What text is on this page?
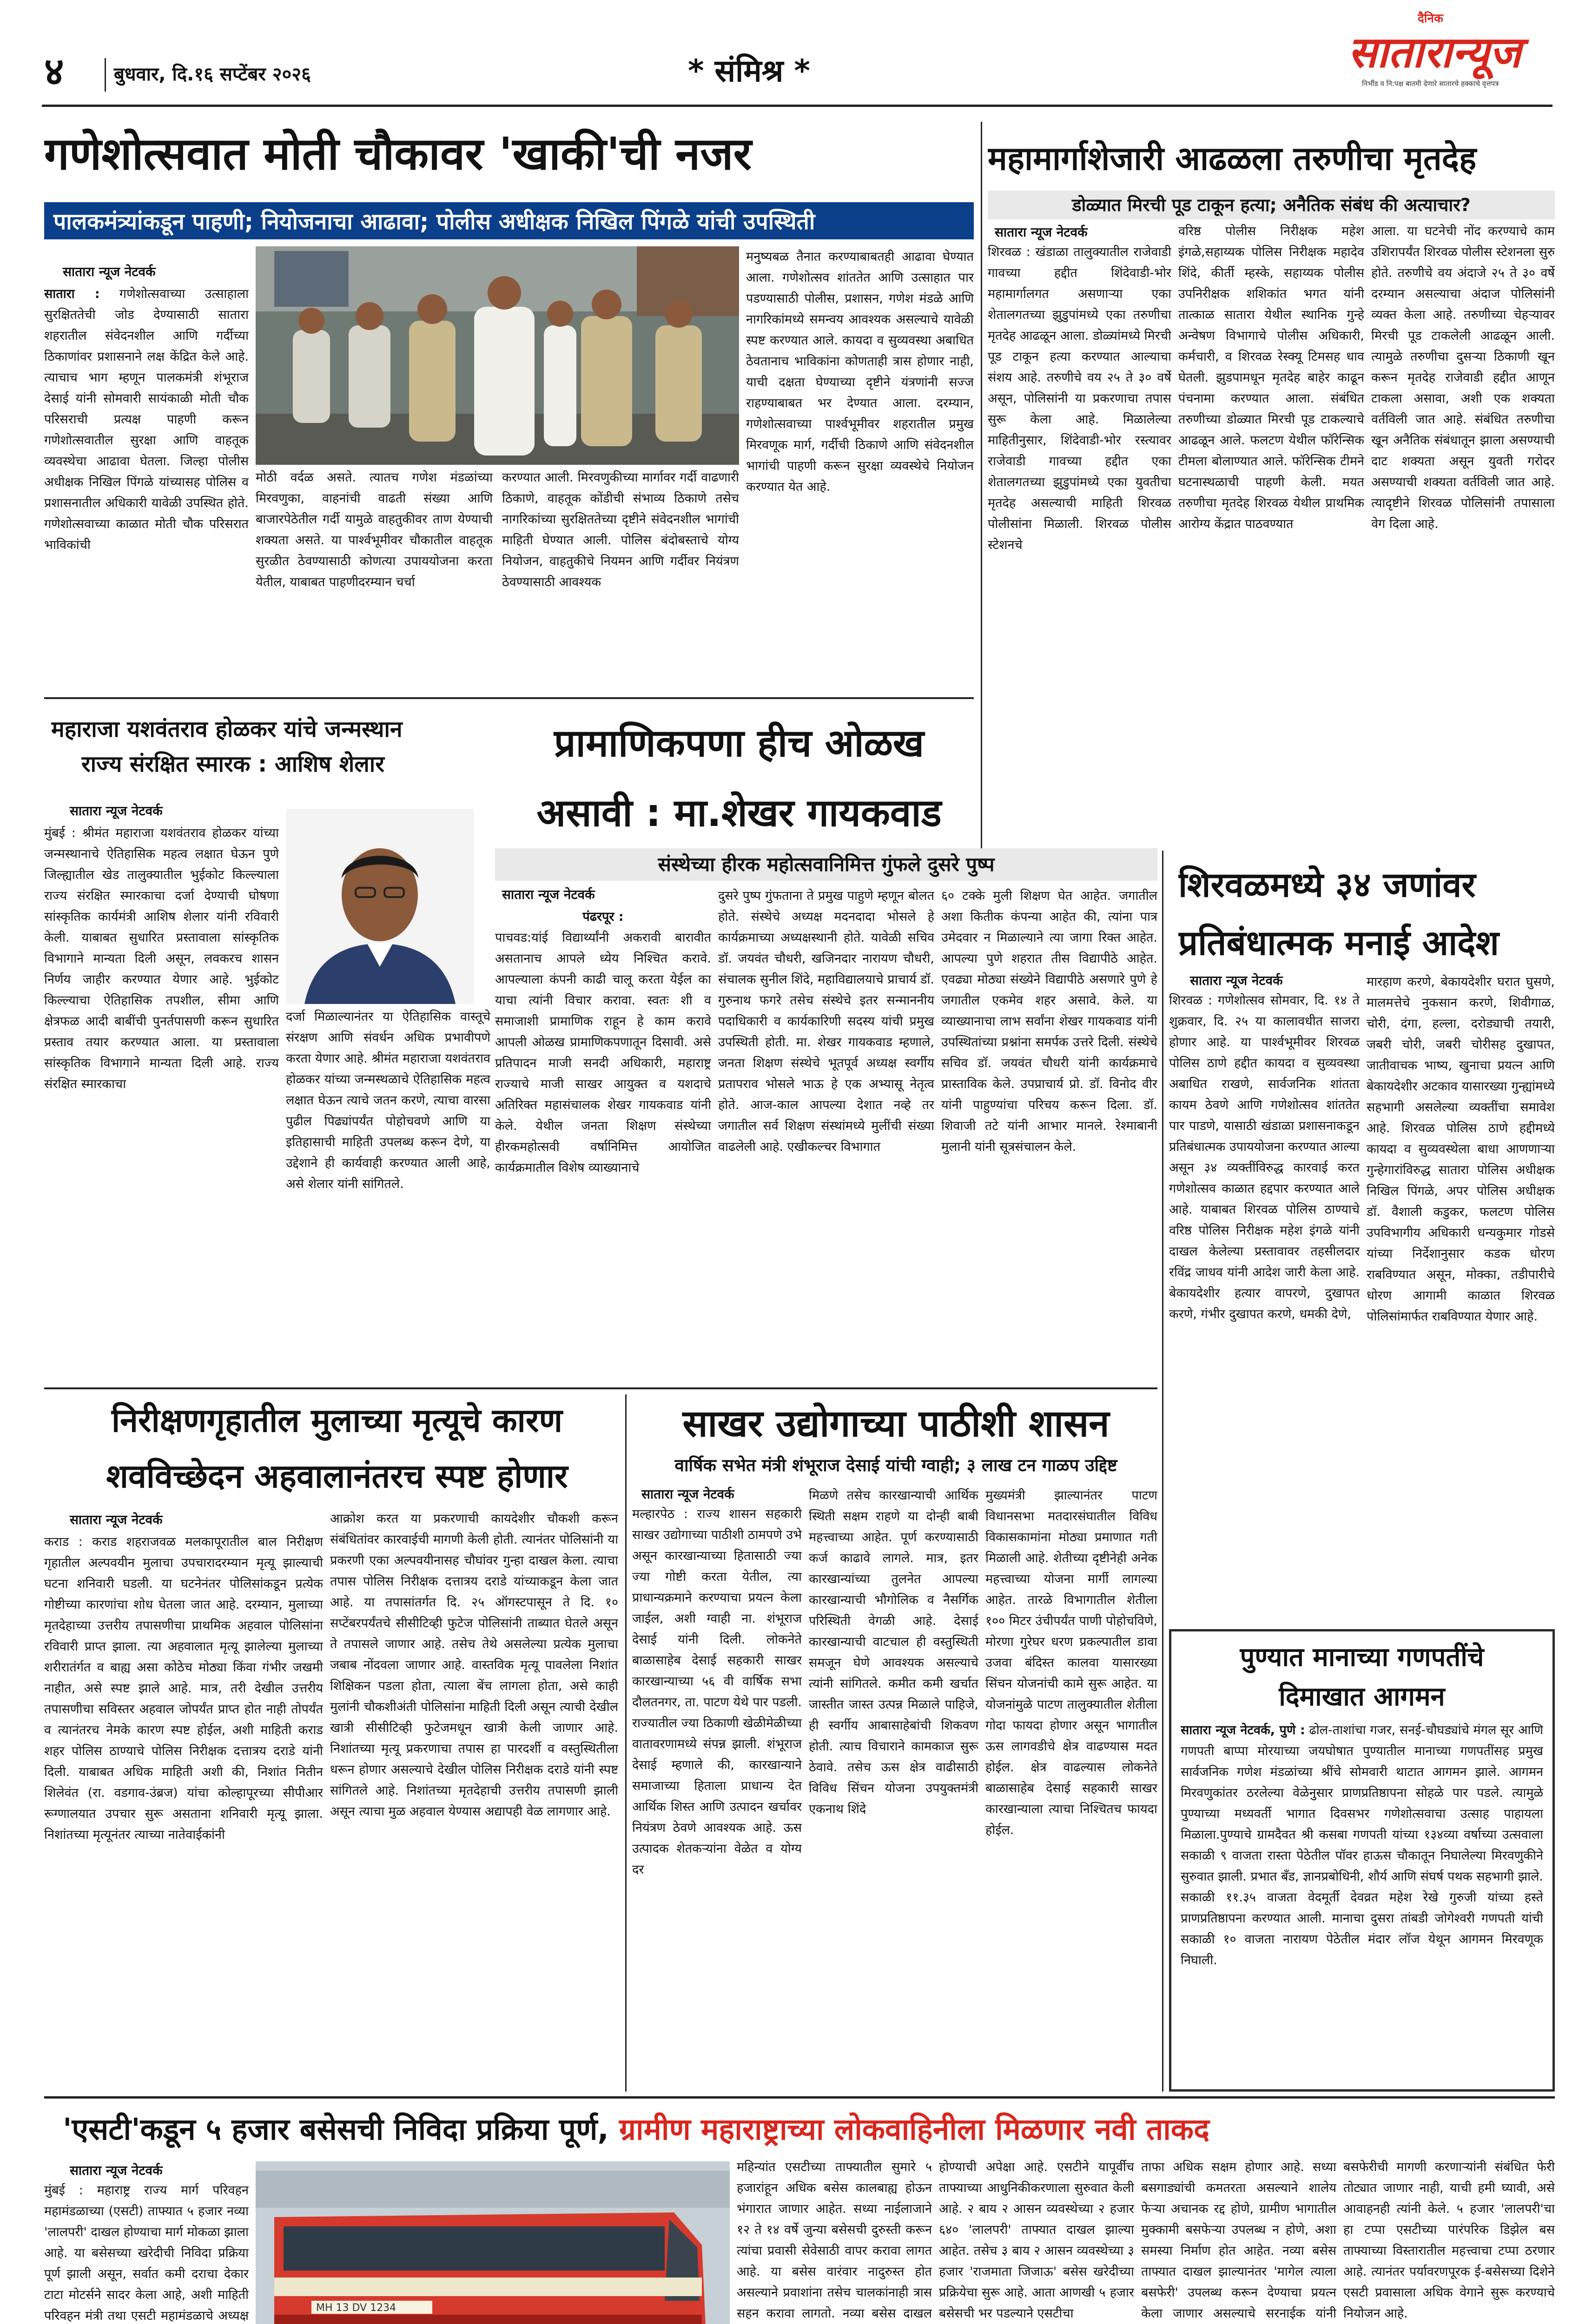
४	बुधवार, दि.१६ सप्टेंबर २०२६	* संमिश्र *
दैनिक
सातारान्यूज
निर्भीड व नि:पक्ष बातमी देणारे सातारचे हक्काचे वृत्तपत्र
गणेशोत्सवात मोती चौकावर 'खाकी'ची नजर
पालकमंत्र्यांकडून पाहणी; नियोजनाचा आढावा; पोलीस अधीक्षक निखिल पिंगळे यांची उपस्थिती
सातारा न्यूज नेटवर्क
सातारा : गणेशोत्सवाच्या उत्साहाला सुरक्षिततेची जोड देण्यासाठी सातारा शहरातील संवेदनशील आणि गर्दीच्या ठिकाणांवर प्रशासनाने लक्ष केंद्रित केले आहे. त्याचाच भाग म्हणून पालकमंत्री शंभूराज देसाई यांनी सोमवारी सायंकाळी मोती चौक परिसराची प्रत्यक्ष पाहणी करून गणेशोत्सवातील सुरक्षा आणि वाहतूक व्यवस्थेचा आढावा घेतला. जिल्हा पोलीस अधीक्षक निखिल पिंगळे यांच्यासह पोलिस व प्रशासनातील अधिकारी यावेळी उपस्थित होते. गणेशोत्सवाच्या काळात मोती चौक परिसरात भाविकांची
मोठी वर्दळ असते. त्यातच गणेश मंडळांच्या मिरवणुका, वाहनांची वाढती संख्या आणि बाजारपेठेतील गर्दी यामुळे वाहतुकीवर ताण येण्याची शक्यता असते. या पार्श्वभूमीवर चौकातील वाहतूक सुरळीत ठेवण्यासाठी कोणत्या उपाययोजना करता येतील, याबाबत पाहणीदरम्यान चर्चा
करण्यात आली. मिरवणुकीच्या मार्गावर गर्दी वाढणारी ठिकाणे, वाहतूक कोंडीची संभाव्य ठिकाणे तसेच नागरिकांच्या सुरक्षिततेच्या दृष्टीने संवेदनशील भागांची माहिती घेण्यात आली. पोलिस बंदोबस्ताचे योग्य नियोजन, वाहतुकीचे नियमन आणि गर्दीवर नियंत्रण ठेवण्यासाठी आवश्यक
मनुष्यबळ तैनात करण्याबाबतही आढावा घेण्यात आला. गणेशोत्सव शांततेत आणि उत्साहात पार पडण्यासाठी पोलीस, प्रशासन, गणेश मंडळे आणि नागरिकांमध्ये समन्वय आवश्यक असल्याचे यावेळी स्पष्ट करण्यात आले. कायदा व सुव्यवस्था अबाधित ठेवतानाच भाविकांना कोणताही त्रास होणार नाही, याची दक्षता घेण्याच्या दृष्टीने यंत्रणांनी सज्ज राहण्याबाबत भर देण्यात आला. दरम्यान, गणेशोत्सवाच्या पार्श्वभूमीवर शहरातील प्रमुख मिरवणूक मार्ग, गर्दीची ठिकाणे आणि संवेदनशील भागांची पाहणी करून सुरक्षा व्यवस्थेचे नियोजन करण्यात येत आहे.
महामार्गाशेजारी आढळला तरुणीचा मृतदेह
डोळ्यात मिरची पूड टाकून हत्या; अनैतिक संबंध की अत्याचार?
सातारा न्यूज नेटवर्क
शिरवळ : खंडाळा तालुक्यातील राजेवाडी गावच्या हद्दीत शिंदेवाडी-भोर महामार्गालगत असणाऱ्या एका शेतालगतच्या झुडुपांमध्ये एका तरुणीचा मृतदेह आढळून आला. डोळ्यांमध्ये मिरची पूड टाकून हत्या करण्यात आल्याचा संशय आहे. तरुणीचे वय २५ ते ३० वर्षे असून, पोलिसांनी या प्रकरणाचा तपास सुरू केला आहे. मिळालेल्या माहितीनुसार, शिंदेवाडी-भोर रस्त्यावर राजेवाडी गावच्या हद्दीत एका शेतालगतच्या झुडुपांमध्ये एका युवतीचा मृतदेह असल्याची माहिती शिरवळ पोलीसांना मिळाली. शिरवळ पोलीस स्टेशनचे
वरिष्ठ पोलीस निरीक्षक महेश इंगळे,सहाय्यक पोलिस निरीक्षक महादेव शिंदे, कीर्ती म्हस्के, सहाय्यक पोलीस उपनिरीक्षक शशिकांत भगत यांनी तात्काळ सातारा येथील स्थानिक गुन्हे अन्वेषण विभागाचे पोलीस अधिकारी, कर्मचारी, व शिरवळ रेस्क्यू टिमसह धाव घेतली. झुडपामधून मृतदेह बाहेर काढून पंचनामा करण्यात आला. संबंधित तरुणीच्या डोळ्यात मिरची पूड टाकल्याचे आढळून आले. फलटण येथील फॉरेन्सिक टीमला बोलाण्यात आले. फॉरेन्सिक टीमने घटनास्थळाची पाहणी केली. मयत तरुणीचा मृतदेह शिरवळ येथील प्राथमिक आरोग्य केंद्रात पाठवण्यात
आला. या घटनेची नोंद करण्याचे काम उशिरापर्यंत शिरवळ पोलीस स्टेशनला सुरु होते. तरुणीचे वय अंदाजे २५ ते ३० वर्षे दरम्यान असल्याचा अंदाज पोलिसांनी व्यक्त केला आहे. तरुणीच्या चेहऱ्यावर मिरची पूड टाकलेली आढळून आली. त्यामुळे तरुणीचा दुसऱ्या ठिकाणी खून करून मृतदेह राजेवाडी हद्दीत आणून टाकला असावा, अशी एक शक्यता वर्तविली जात आहे. संबंधित तरुणीचा खून अनैतिक संबंधातून झाला असण्याची दाट शक्यता असून युवती गरोदर असण्याची शक्यता वर्तविली जात आहे. त्यादृष्टीने शिरवळ पोलिसांनी तपासाला वेग दिला आहे.
महाराजा यशवंतराव होळकर यांचे जन्मस्थान
राज्य संरक्षित स्मारक : आशिष शेलार
सातारा न्यूज नेटवर्क
मुंबई : श्रीमंत महाराजा यशवंतराव होळकर यांच्या जन्मस्थानाचे ऐतिहासिक महत्व लक्षात घेऊन पुणे जिल्ह्यातील खेड तालुक्यातील भुईकोट किल्ल्याला राज्य संरक्षित स्मारकाचा दर्जा देण्याची घोषणा सांस्कृतिक कार्यमंत्री आशिष शेलार यांनी रविवारी केली. याबाबत सुधारित प्रस्तावाला सांस्कृतिक विभागाने मान्यता दिली असून, लवकरच शासन निर्णय जाहीर करण्यात येणार आहे. भुईकोट किल्ल्याचा ऐतिहासिक तपशील, सीमा आणि क्षेत्रफळ आदी बाबींची पुनर्तपासणी करून सुधारित प्रस्ताव तयार करण्यात आला. या प्रस्तावाला सांस्कृतिक विभागाने मान्यता दिली आहे. राज्य संरक्षित स्मारकाचा
दर्जा मिळाल्यानंतर या ऐतिहासिक वास्तूचे संरक्षण आणि संवर्धन अधिक प्रभावीपणे करता येणार आहे. श्रीमंत महाराजा यशवंतराव होळकर यांच्या जन्मस्थळाचे ऐतिहासिक महत्व लक्षात घेऊन त्याचे जतन करणे, त्याचा वारसा पुढील पिढ्यांपर्यंत पोहोचवणे आणि या इतिहासाची माहिती उपलब्ध करून देणे, या उद्देशाने ही कार्यवाही करण्यात आली आहे, असे शेलार यांनी सांगितले.
प्रामाणिकपणा हीच ओळख
असावी : मा.शेखर गायकवाड
संस्थेच्या हीरक महोत्सवानिमित्त गुंफले दुसरे पुष्प
सातारा न्यूज नेटवर्क
पंढरपूर :
पाचवड:यांई विद्यार्थ्यांनी अकरावी बारावीत असतानाच आपले ध्येय निश्चित करावे. आपल्याला कंपनी काढी चालू करता येईल का याचा त्यांनी विचार करावा. स्वतः शी व समाजाशी प्रामाणिक राहून हे काम करावे आपली ओळख प्रामाणिकपणातून दिसावी. असे प्रतिपादन माजी सनदी अधिकारी, महाराष्ट्र राज्याचे माजी साखर आयुक्त व यशदाचे अतिरिक्त महासंचालक शेखर गायकवाड यांनी केले. येथील जनता शिक्षण संस्थेच्या हीरकमहोत्सवी वर्षानिमित्त आयोजित कार्यक्रमातील विशेष व्याख्यानाचे
दुसरे पुष्प गुंफताना ते प्रमुख पाहुणे म्हणून बोलत होते. संस्थेचे अध्यक्ष मदनदादा भोसले हे कार्यक्रमाच्या अध्यक्षस्थानी होते. यावेळी सचिव डॉ. जयवंत चौधरी, खजिनदार नारायण चौधरी, संचालक सुनील शिंदे, महाविद्यालयाचे प्राचार्य डॉ. गुरुनाथ फगरे तसेच संस्थेचे इतर सन्माननीय पदाधिकारी व कार्यकारिणी सदस्य यांची प्रमुख उपस्थिती होती. मा. शेखर गायकवाड म्हणाले, जनता शिक्षण संस्थेचे भूतपूर्व अध्यक्ष स्वर्गीय प्रतापराव भोसले भाऊ हे एक अभ्यासू नेतृत्व होते. आज-काल आपल्या देशात नव्हे तर जगातील सर्व शिक्षण संस्थांमध्ये मुलींची संख्या वाढलेली आहे. एखीकल्चर विभागात
६० टक्के मुली शिक्षण घेत आहेत. जगातील अशा कितीक कंपन्या आहेत की, त्यांना पात्र उमेदवार न मिळाल्याने त्या जागा रिक्त आहेत. आपल्या पुणे शहरात तीस विद्यापीठे आहेत. एवढ्या मोठ्या संख्येने विद्यापीठे असणारे पुणे हे जगातील एकमेव शहर असावे. केले. या व्याख्यानाचा लाभ सर्वांना शेखर गायकवाड यांनी उपस्थितांच्या प्रश्नांना समर्पक उत्तरे दिली. संस्थेचे सचिव डॉ. जयवंत चौधरी यांनी कार्यक्रमाचे प्रास्ताविक केले. उपप्राचार्य प्रो. डॉ. विनोद वीर यांनी पाहुण्यांचा परिचय करून दिला. डॉ. शिवाजी तटे यांनी आभार मानले. रेश्माबानी मुलानी यांनी सूत्रसंचालन केले.
शिरवळमध्ये ३४ जणांवर
प्रतिबंधात्मक मनाई आदेश
सातारा न्यूज नेटवर्क
शिरवळ : गणेशोत्सव सोमवार, दि. १४ ते शुक्रवार, दि. २५ या कालावधीत साजरा होणार आहे. या पार्श्वभूमीवर शिरवळ पोलिस ठाणे हद्दीत कायदा व सुव्यवस्था अबाधित राखणे, सार्वजनिक शांतता कायम ठेवणे आणि गणेशोत्सव शांततेत पार पाडणे, यासाठी खंडाळा प्रशासनाकडून प्रतिबंधात्मक उपाययोजना करण्यात आल्या असून ३४ व्यक्तींविरुद्ध कारवाई करत गणेशोत्सव काळात हद्दपार करण्यात आले आहे. याबाबत शिरवळ पोलिस ठाण्याचे वरिष्ठ पोलिस निरीक्षक महेश इंगळे यांनी दाखल केलेल्या प्रस्तावावर तहसीलदार रविंद्र जाधव यांनी आदेश जारी केला आहे. बेकायदेशीर हत्यार वापरणे, दुखापत करणे, गंभीर दुखापत करणे, धमकी देणे,
मारहाण करणे, बेकायदेशीर घरात घुसणे, मालमत्तेचे नुकसान करणे, शिवीगाळ, चोरी, दंगा, हल्ला, दरोड्याची तयारी, जबरी चोरी, जबरी चोरीसह दुखापत, जातीवाचक भाष्य, खुनाचा प्रयत्न आणि बेकायदेशीर अटकाव यासारख्या गुन्ह्यांमध्ये सहभागी असलेल्या व्यक्तींचा समावेश आहे. शिरवळ पोलिस ठाणे हद्दीमध्ये कायदा व सुव्यवस्थेला बाधा आणणाऱ्या गुन्हेगारांविरुद्ध सातारा पोलिस अधीक्षक निखिल पिंगळे, अपर पोलिस अधीक्षक डॉ. वैशाली कडुकर, फलटण पोलिस उपविभागीय अधिकारी धन्यकुमार गोडसे यांच्या निर्देशानुसार कडक धोरण राबविण्यात असून, मोक्का, तडीपारीचे धोरण आगामी काळात शिरवळ पोलिसांमार्फत राबविण्यात येणार आहे.
पुण्यात मानाच्या गणपतींचे
दिमाखात आगमन
सातारा न्यूज नेटवर्क, पुणे : ढोल-ताशांचा गजर, सनई-चौघड्यांचे मंगल सूर आणि गणपती बाप्पा मोरयाच्या जयघोषात पुण्यातील मानाच्या गणपतींसह प्रमुख सार्वजनिक गणेश मंडळांच्या श्रींचे सोमवारी थाटात आगमन झाले. आगमन मिरवणुकांतर ठरलेल्या वेळेनुसार प्राणप्रतिष्ठापना सोहळे पार पडले. त्यामुळे पुण्याच्या मध्यवर्ती भागात दिवसभर गणेशोत्सवाचा उत्साह पाहायला मिळाला.पुण्याचे ग्रामदैवत श्री कसबा गणपती यांच्या १३४व्या वर्षाच्या उत्सवाला सकाळी ९ वाजता रास्ता पेठेतील पॉवर हाऊस चौकातून निघालेल्या मिरवणुकीने सुरुवात झाली. प्रभात बँड, ज्ञानप्रबोधिनी, शौर्य आणि संघर्ष पथक सहभागी झाले. सकाळी ११.३५ वाजता वेदमूर्ती देवव्रत महेश रेखे गुरुजी यांच्या हस्ते प्राणप्रतिष्ठापना करण्यात आली. मानाचा दुसरा तांबडी जोगेश्वरी गणपती यांची सकाळी १० वाजता नारायण पेठेतील मंदार लॉज येथून आगमन मिरवणूक निघाली.
निरीक्षणगृहातील मुलाच्या मृत्यूचे कारण
शवविच्छेदन अहवालानंतरच स्पष्ट होणार
सातारा न्यूज नेटवर्क
कराड : कराड शहराजवळ मलकापूरातील बाल निरीक्षण गृहातील अल्पवयीन मुलाचा उपचारादरम्यान मृत्यू झाल्याची घटना शनिवारी घडली. या घटनेनंतर पोलिसांकडून प्रत्येक गोष्टीच्या कारणांचा शोध घेतला जात आहे. दरम्यान, मुलाच्या मृतदेहाच्या उत्तरीय तपासणीचा प्राथमिक अहवाल पोलिसांना रविवारी प्राप्त झाला. त्या अहवालात मृत्यू झालेल्या मुलाच्या शरीरातंर्गत व बाह्य असा कोठेच मोठ्या किंवा गंभीर जखमी नाहीत, असे स्पष्ट झाले आहे. मात्र, तरी देखील उत्तरीय तपासणीचा सविस्तर अहवाल जोपर्यंत प्राप्त होत नाही तोपर्यंत व त्यानंतरच नेमके कारण स्पष्ट होईल, अशी माहिती कराड शहर पोलिस ठाण्याचे पोलिस निरीक्षक दत्तात्रय दराडे यांनी दिली. याबाबत अधिक माहिती अशी की, निशांत नितीन शिलेवंत (रा. वडगाव-उंब्रज) यांचा कोल्हापूरच्या सीपीआर रूग्णालयात उपचार सुरू असताना शनिवारी मृत्यू झाला. निशांतच्या मृत्यूनंतर त्याच्या नातेवाईकांनी
आक्रोश करत या प्रकरणाची कायदेशीर चौकशी करून संबंधितांवर कारवाईची मागणी केली होती. त्यानंतर पोलिसांनी या प्रकरणी एका अल्पवयीनासह चौघांवर गुन्हा दाखल केला. त्याचा तपास पोलिस निरीक्षक दत्तात्रय दराडे यांच्याकडून केला जात आहे. या तपासांतर्गत दि. २५ ऑगस्टपासून ते दि. १० सप्टेंबरपर्यंतचे सीसीटिव्ही फुटेज पोलिसांनी ताब्यात घेतले असून ते तपासले जाणार आहे. तसेच तेथे असलेल्या प्रत्येक मुलाचा जबाब नोंदवला जाणार आहे. वास्तविक मृत्यू पावलेला निशांत शिक्षिकन पडला होता, त्याला बेंच लागला होता, असे काही मुलांनी चौकशीअंती पोलिसांना माहिती दिली असून त्याची देखील खात्री सीसीटिव्ही फुटेजमधून खात्री केली जाणार आहे. निशांतच्या मृत्यू प्रकरणाचा तपास हा पारदर्शी व वस्तुस्थितीला धरून होणार असल्याचे देखील पोलिस निरीक्षक दराडे यांनी स्पष्ट सांगितले आहे. निशांतच्या मृतदेहाची उत्तरीय तपासणी झाली असून त्याचा मुळ अहवाल येण्यास अद्यापही वेळ लागणार आहे.
साखर उद्योगाच्या पाठीशी शासन
वार्षिक सभेत मंत्री शंभूराज देसाई यांची ग्वाही; ३ लाख टन गाळप उद्दिष्ट
सातारा न्यूज नेटवर्क
मल्हारपेठ : राज्य शासन सहकारी साखर उद्योगाच्या पाठीशी ठामपणे उभे असून कारखान्याच्या हितासाठी ज्या ज्या गोष्टी करता येतील, त्या प्राधान्यक्रमाने करण्याचा प्रयत्न केला जाईल, अशी ग्वाही ना. शंभूराज देसाई यांनी दिली. लोकनेते बाळासाहेब देसाई सहकारी साखर कारखान्याच्या ५६ वी वार्षिक सभा दौलतनगर, ता. पाटण येथे पार पडली. राज्यातील ज्या ठिकाणी खेळीमेळीच्या वातावरणामध्ये संपन्न झाली. शंभूराज देसाई म्हणाले की, कारखान्याने समाजाच्या हिताला प्राधान्य देत आर्थिक शिस्त आणि उत्पादन खर्चावर नियंत्रण ठेवणे आवश्यक आहे. ऊस उत्पादक शेतकऱ्यांना वेळेत व योग्य दर
मिळणे तसेच कारखान्याची आर्थिक स्थिती सक्षम राहणे या दोन्ही बाबी महत्त्वाच्या आहेत. पूर्ण करण्यासाठी कर्ज काढावे लागले. मात्र, इतर कारखान्यांच्या तुलनेत आपल्या कारखान्याची भौगोलिक व नैसर्गिक परिस्थिती वेगळी आहे. देसाई कारखान्याची वाटचाल ही वस्तुस्थिती समजून घेणे आवश्यक असल्याचे त्यांनी सांगितले. कमीत कमी खर्चात जास्तीत जास्त उत्पन्न मिळाले पाहिजे, ही स्वर्गीय आबासाहेबांची शिकवण होती. त्याच विचाराने कामकाज सुरू ठेवावे. तसेच ऊस क्षेत्र वाढीसाठी विविध सिंचन योजना उपयुक्तमंत्री एकनाथ शिंदे
मुख्यमंत्री झाल्यानंतर पाटण विधानसभा मतदारसंघातील विविध विकासकामांना मोठ्या प्रमाणात गती मिळाली आहे. शेतीच्या दृष्टीनेही अनेक महत्त्वाच्या योजना मार्गी लागल्या आहेत. तारळे विभागातील शेतीला १०० मिटर उंचीपर्यंत पाणी पोहोचविणे, मोरणा गुरेघर धरण प्रकल्पातील डावा उजवा बंदिस्त कालवा यासारख्या सिंचन योजनांची कामे सुरू आहेत. या योजनांमुळे पाटण तालुक्यातील शेतीला गोदा फायदा होणार असून भागातील ऊस लागवडीचे क्षेत्र वाढण्यास मदत होईल. क्षेत्र वाढल्यास लोकनेते बाळासाहेब देसाई सहकारी साखर कारखान्याला त्याचा निश्चितच फायदा होईल.
'एसटी'कडून ५ हजार बसेसची निविदा प्रक्रिया पूर्ण, ग्रामीण महाराष्ट्राच्या लोकवाहिनीला मिळणार नवी ताकद
सातारा न्यूज नेटवर्क
मुंबई : महाराष्ट्र राज्य मार्ग परिवहन महामंडळाच्या (एसटी) ताफ्यात ५ हजार नव्या 'लालपरी' दाखल होण्याचा मार्ग मोकळा झाला आहे. या बसेसच्या खरेदीची निविदा प्रक्रिया पूर्ण झाली असून, सर्वात कमी दराचा देकार टाटा मोटर्सने सादर केला आहे, अशी माहिती परिवहन मंत्री तथा एसटी महामंडळाचे अध्यक्ष
MH 13 DV 1234
महिन्यांत एसटीच्या ताफ्यातील सुमारे ५ हजारांहून अधिक बसेस कालबाह्य होऊन भंगारात जाणार आहेत. सध्या नाईलाजाने १२ ते १४ वर्षे जुन्या बसेसची दुरुस्ती करून त्यांचा प्रवासी सेवेसाठी वापर करावा लागत आहे. या बसेस वारंवार नादुरुस्त होत असल्याने प्रवाशांना तसेच चालकांनाही त्रास सहन करावा लागतो. नव्या बसेस दाखल
होण्याची अपेक्षा आहे. एसटीने यापूर्वीच ताफ्याच्या आधुनिकीकरणाला सुरुवात केली आहे. २ बाय २ आसन व्यवस्थेच्या २ हजार ६४० 'लालपरी' ताफ्यात दाखल झाल्या आहेत. तसेच ३ बाय २ आसन व्यवस्थेच्या ३ हजार 'राजमाता जिजाऊ' बसेस खरेदीच्या प्रक्रियेचा सुरू आहे. आता आणखी ५ हजार बसेसची भर पडल्याने एसटीचा
ताफा अधिक सक्षम होणार आहे. सध्या बसगाड्यांची कमतरता असल्याने शालेय फेऱ्या अचानक रद्द होणे, ग्रामीण भागातील मुक्कामी बसफेऱ्या उपलब्ध न होणे, अशा समस्या निर्माण होत आहेत. नव्या बसेस ताफ्यात दाखल झाल्यानंतर 'मागेल त्याला बसफेरी' उपलब्ध करून देण्याचा प्रयत्न केला जाणार असल्याचे सरनाईक यांनी
बसफेरीची मागणी करणाऱ्यांनी संबंधित फेरी तोट्यात जाणार नाही, याची हमी घ्यावी, असे आवाहनही त्यांनी केले. ५ हजार 'लालपरी'चा हा टप्पा एसटीच्या पारंपरिक डिझेल बस ताफ्याच्या विस्तारातील महत्त्वाचा टप्पा ठरणार आहे. त्यानंतर पर्यावरणपूरक ई-बसेसच्या दिशेने एसटी प्रवासाला अधिक वेगाने सुरू करण्याचे नियोजन आहे.
